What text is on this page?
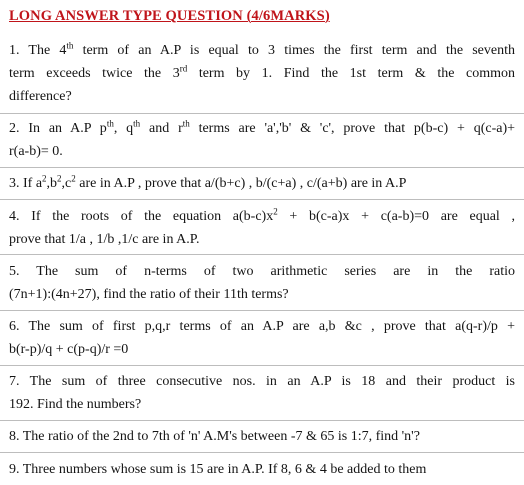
LONG ANSWER TYPE QUESTION (4/6MARKS)
1. The 4th term of an A.P is equal to 3 times the first term and the seventh
term exceeds twice the 3rd term by 1. Find the 1st term & the common
difference?
2. In an A.P $p^{th}$, $q^{th}$ and $r^{th}$ terms are 'a','b' & 'c', prove that p(b-c) + q(c-a)+
r(a-b)= 0.
3. If $a^2,b^2,c^2$ are in A.P , prove that a/(b+c) , b/(c+a) , c/(a+b) are in A.P
4. If the roots of the equation $a(b-c)x^2 + b(c-a)x + c(a-b)=0$ are equal ,
prove that 1/a , 1/b ,1/c are in A.P.
5. The sum of n-terms of two arithmetic series are in the ratio
(7n+1):(4n+27), find the ratio of their 11th terms?
6. The sum of first p,q,r terms of an A.P are a,b &c , prove that a(q-r)/p +
b(r-p)/q + c(p-q)/r =0
7. The sum of three consecutive nos. in an A.P is 18 and their product is
192. Find the numbers?
8. The ratio of the 2nd to 7th of 'n' A.M's between -7 & 65 is 1:7, find 'n'?
9. Three numbers whose sum is 15 are in A.P. If 8, 6 & 4 be added to them
